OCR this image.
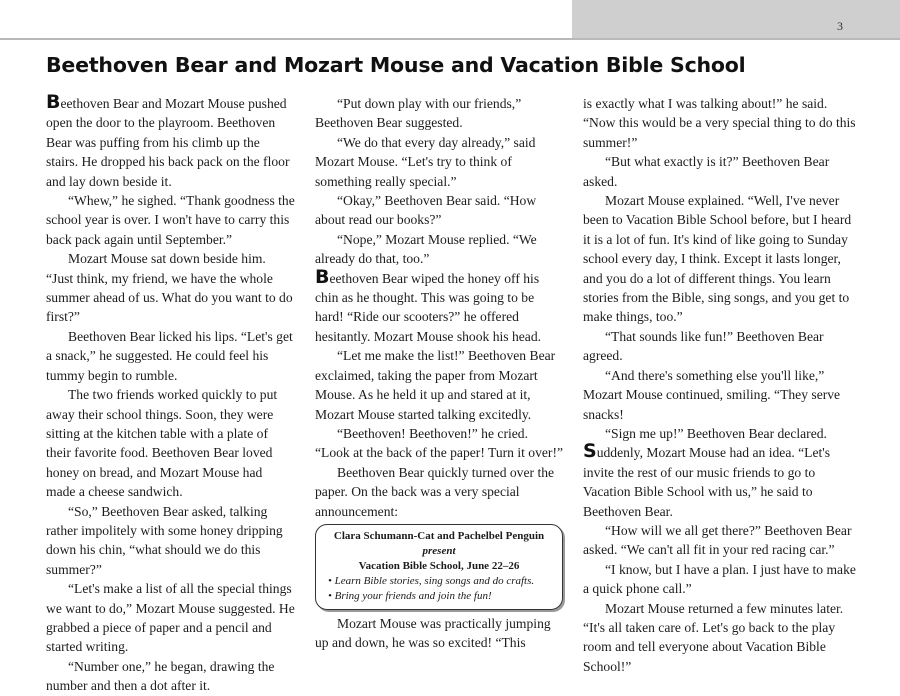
3
Beethoven Bear and Mozart Mouse and Vacation Bible School

Beethoven Bear and Mozart Mouse pushed open the door to the playroom. Beethoven Bear was puffing from his climb up the stairs. He dropped his back pack on the floor and lay down beside it.

“Whew,” he sighed. “Thank goodness the school year is over. I won't have to carry this back pack again until September.”

Mozart Mouse sat down beside him. “Just think, my friend, we have the whole summer ahead of us. What do you want to do first?”

Beethoven Bear licked his lips. “Let's get a snack,” he suggested. He could feel his tummy begin to rumble.

The two friends worked quickly to put away their school things. Soon, they were sitting at the kitchen table with a plate of their favorite food. Beethoven Bear loved honey on bread, and Mozart Mouse had made a cheese sandwich.

“So,” Beethoven Bear asked, talking rather impolitely with some honey dripping down his chin, “what should we do this summer?”

“Let's make a list of all the special things we want to do,” Mozart Mouse suggested. He grabbed a piece of paper and a pencil and started writing.

“Number one,” he began, drawing the number and then a dot after it.

“Put down play with our friends,” Beethoven Bear suggested.

“We do that every day already,” said Mozart Mouse. “Let's try to think of something really special.”

“Okay,” Beethoven Bear said. “How about read our books?”

“Nope,” Mozart Mouse replied. “We already do that, too.”

Beethoven Bear wiped the honey off his chin as he thought. This was going to be hard! “Ride our scooters?” he offered hesitantly. Mozart Mouse shook his head.

“Let me make the list!” Beethoven Bear exclaimed, taking the paper from Mozart Mouse. As he held it up and stared at it, Mozart Mouse started talking excitedly.

“Beethoven! Beethoven!” he cried. “Look at the back of the paper! Turn it over!”

Beethoven Bear quickly turned over the paper. On the back was a very special announcement:

Clara Schumann-Cat and Pachelbel Penguin
present
Vacation Bible School, June 22–26
• Learn Bible stories, sing songs and do crafts.
• Bring your friends and join the fun!

Mozart Mouse was practically jumping up and down, he was so excited! “This

is exactly what I was talking about!” he said. “Now this would be a very special thing to do this summer!”

“But what exactly is it?” Beethoven Bear asked.

Mozart Mouse explained. “Well, I've never been to Vacation Bible School before, but I heard it is a lot of fun. It's kind of like going to Sunday school every day, I think. Except it lasts longer, and you do a lot of different things. You learn stories from the Bible, sing songs, and you get to make things, too.”

“That sounds like fun!” Beethoven Bear agreed.

“And there's something else you'll like,” Mozart Mouse continued, smiling. “They serve snacks!

“Sign me up!” Beethoven Bear declared.

Suddenly, Mozart Mouse had an idea. “Let's invite the rest of our music friends to go to Vacation Bible School with us,” he said to Beethoven Bear.

“How will we all get there?” Beethoven Bear asked. “We can't all fit in your red racing car.”

“I know, but I have a plan. I just have to make a quick phone call.”

Mozart Mouse returned a few minutes later. “It's all taken care of. Let's go back to the play room and tell everyone about Vacation Bible School!”
